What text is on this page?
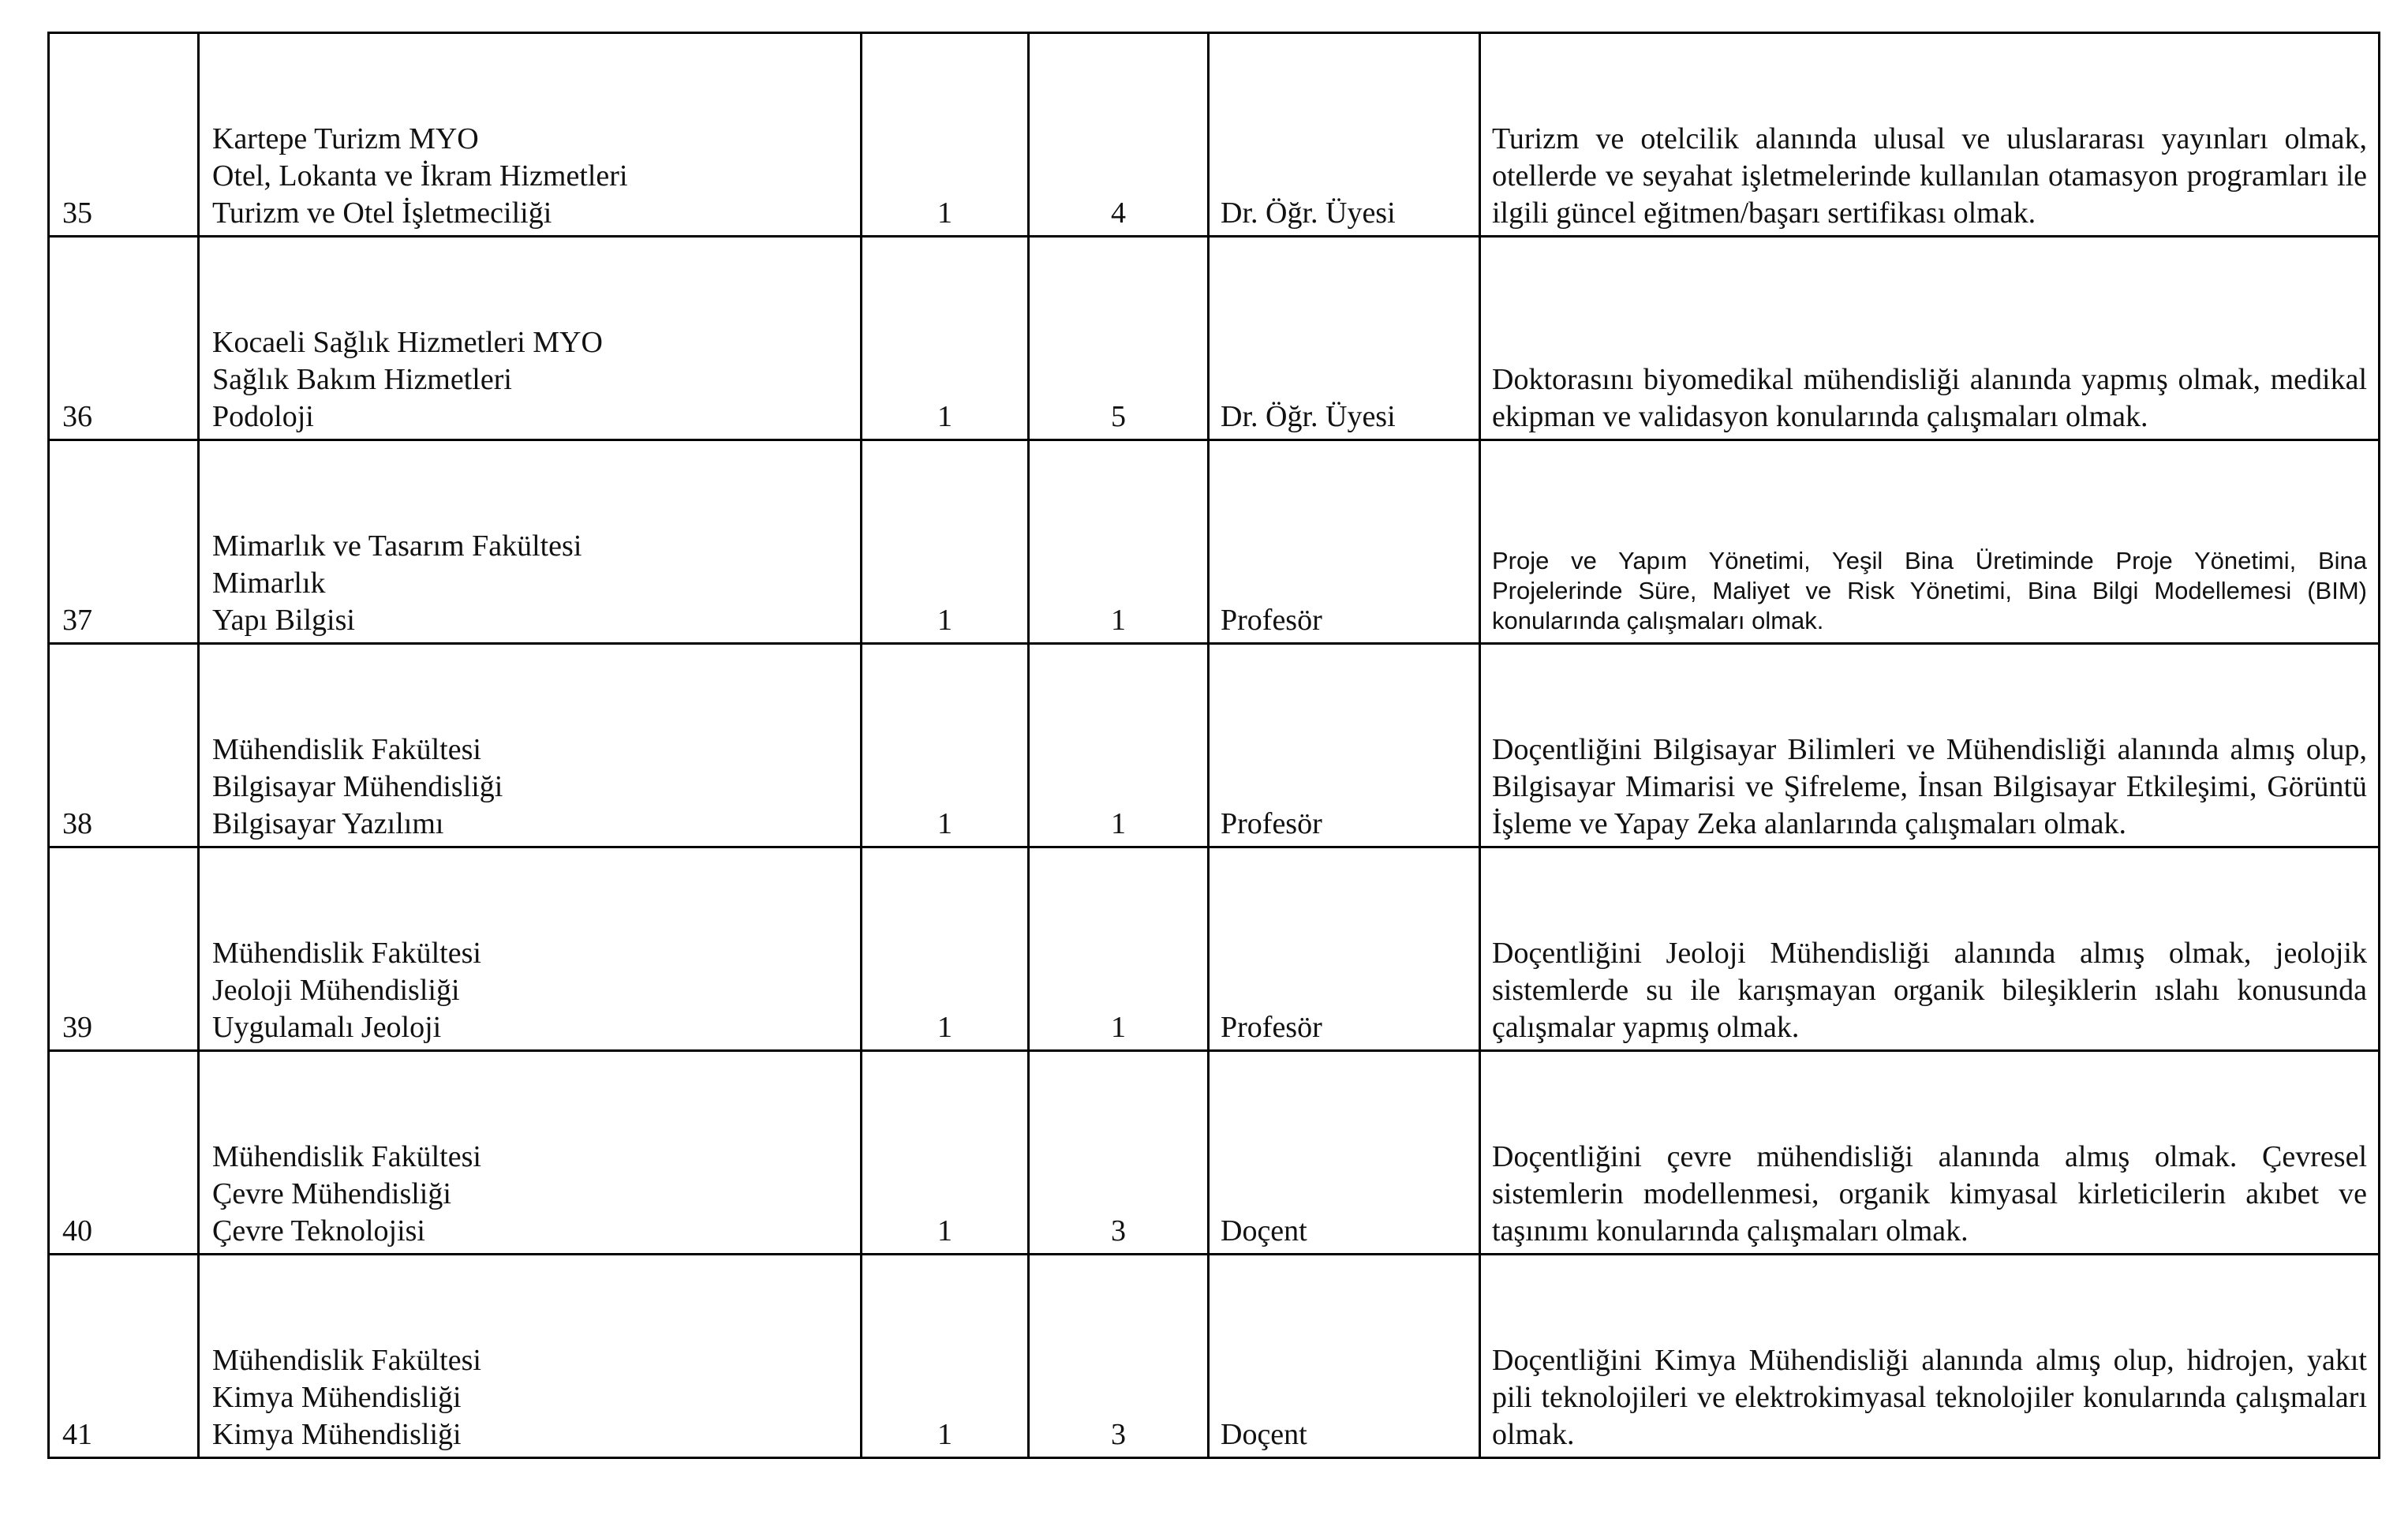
35	Kartepe Turizm MYO
Otel, Lokanta ve İkram Hizmetleri
Turizm ve Otel İşletmeciliği	1	4	Dr. Öğr. Üyesi	Turizm ve otelcilik alanında ulusal ve uluslararası yayınları olmak, otellerde ve seyahat işletmelerinde kullanılan otamasyon programları ile ilgili güncel eğitmen/başarı sertifikası olmak.
36	Kocaeli Sağlık Hizmetleri MYO
Sağlık Bakım Hizmetleri
Podoloji	1	5	Dr. Öğr. Üyesi	Doktorasını biyomedikal mühendisliği alanında yapmış olmak, medikal ekipman ve validasyon konularında çalışmaları olmak.
37	Mimarlık ve Tasarım Fakültesi
Mimarlık
Yapı Bilgisi	1	1	Profesör	Proje ve Yapım Yönetimi, Yeşil Bina Üretiminde Proje Yönetimi, Bina Projelerinde Süre, Maliyet ve Risk Yönetimi, Bina Bilgi Modellemesi (BIM) konularında çalışmaları olmak.
38	Mühendislik Fakültesi
Bilgisayar Mühendisliği
Bilgisayar Yazılımı	1	1	Profesör	Doçentliğini Bilgisayar Bilimleri ve Mühendisliği alanında almış olup, Bilgisayar Mimarisi ve Şifreleme, İnsan Bilgisayar Etkileşimi, Görüntü İşleme ve Yapay Zeka alanlarında çalışmaları olmak.
39	Mühendislik Fakültesi
Jeoloji Mühendisliği
Uygulamalı Jeoloji	1	1	Profesör	Doçentliğini Jeoloji Mühendisliği alanında almış olmak, jeolojik sistemlerde su ile karışmayan organik bileşiklerin ıslahı konusunda çalışmalar yapmış olmak.
40	Mühendislik Fakültesi
Çevre Mühendisliği
Çevre Teknolojisi	1	3	Doçent	Doçentliğini çevre mühendisliği alanında almış olmak. Çevresel sistemlerin modellenmesi, organik kimyasal kirleticilerin akıbet ve taşınımı konularında çalışmaları olmak.
41	Mühendislik Fakültesi
Kimya Mühendisliği
Kimya Mühendisliği	1	3	Doçent	Doçentliğini Kimya Mühendisliği alanında almış olup, hidrojen, yakıt pili teknolojileri ve elektrokimyasal teknolojiler konularında çalışmaları olmak.
